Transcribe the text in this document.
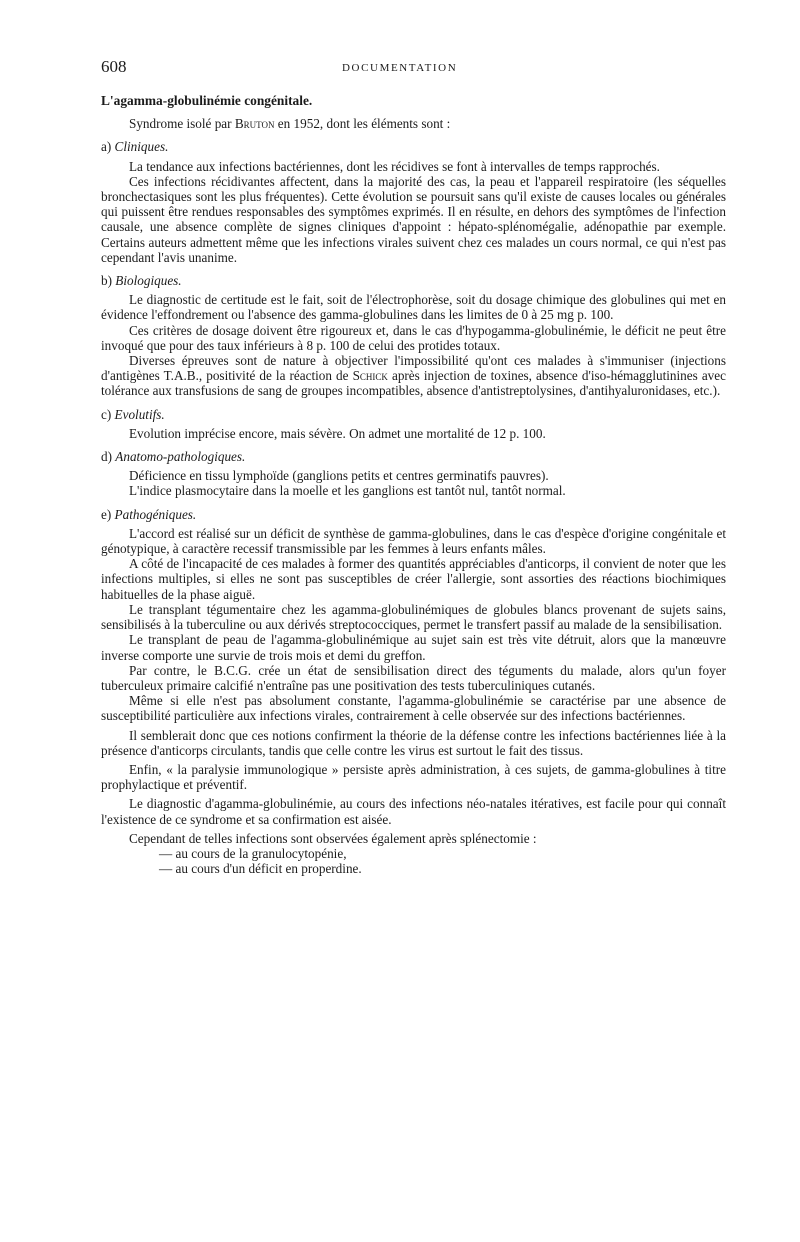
608	DOCUMENTATION
L'agamma-globulinémie congénitale.

Syndrome isolé par Bruton en 1952, dont les éléments sont :

a) Cliniques.

La tendance aux infections bactériennes, dont les récidives se font à intervalles de temps rapprochés.

Ces infections récidivantes affectent, dans la majorité des cas, la peau et l'appareil respiratoire (les séquelles bronchectasiques sont les plus fréquentes). Cette évolution se poursuit sans qu'il existe de causes locales ou générales qui puissent être rendues responsables des symptômes exprimés. Il en résulte, en dehors des symptômes de l'infection causale, une absence complète de signes cliniques d'appoint : hépato-splénomégalie, adénopathie par exemple. Certains auteurs admettent même que les infections virales suivent chez ces malades un cours normal, ce qui n'est pas cependant l'avis unanime.

b) Biologiques.

Le diagnostic de certitude est le fait, soit de l'électrophorèse, soit du dosage chimique des globulines qui met en évidence l'effondrement ou l'absence des gamma-globulines dans les limites de 0 à 25 mg p. 100.

Ces critères de dosage doivent être rigoureux et, dans le cas d'hypogamma-globulinémie, le déficit ne peut être invoqué que pour des taux inférieurs à 8 p. 100 de celui des protides totaux.

Diverses épreuves sont de nature à objectiver l'impossibilité qu'ont ces malades à s'immuniser (injections d'antigènes T.A.B., positivité de la réaction de Schick après injection de toxines, absence d'iso-hémagglutinines avec tolérance aux transfusions de sang de groupes incompatibles, absence d'antistreptolysines, d'antihyaluronidases, etc.).

c) Evolutifs.

Evolution imprécise encore, mais sévère. On admet une mortalité de 12 p. 100.

d) Anatomo-pathologiques.

Déficience en tissu lymphoïde (ganglions petits et centres germinatifs pauvres).

L'indice plasmocytaire dans la moelle et les ganglions est tantôt nul, tantôt normal.

e) Pathogéniques.

L'accord est réalisé sur un déficit de synthèse de gamma-globulines, dans le cas d'espèce d'origine congénitale et génotypique, à caractère recessif transmissible par les femmes à leurs enfants mâles.

A côté de l'incapacité de ces malades à former des quantités appréciables d'anticorps, il convient de noter que les infections multiples, si elles ne sont pas susceptibles de créer l'allergie, sont assorties des réactions biochimiques habituelles de la phase aiguë.

Le transplant tégumentaire chez les agamma-globulinémiques de globules blancs provenant de sujets sains, sensibilisés à la tuberculine ou aux dérivés streptococciques, permet le transfert passif au malade de la sensibilisation.

Le transplant de peau de l'agamma-globulinémique au sujet sain est très vite détruit, alors que la manœuvre inverse comporte une survie de trois mois et demi du greffon.

Par contre, le B.C.G. crée un état de sensibilisation direct des téguments du malade, alors qu'un foyer tuberculeux primaire calcifié n'entraîne pas une positivation des tests tuberculiniques cutanés.

Même si elle n'est pas absolument constante, l'agamma-globulinémie se caractérise par une absence de susceptibilité particulière aux infections virales, contrairement à celle observée sur des infections bactériennes.

Il semblerait donc que ces notions confirment la théorie de la défense contre les infections bactériennes liée à la présence d'anticorps circulants, tandis que celle contre les virus est surtout le fait des tissus.

Enfin, « la paralysie immunologique » persiste après administration, à ces sujets, de gamma-globulines à titre prophylactique et préventif.

Le diagnostic d'agamma-globulinémie, au cours des infections néo-natales itératives, est facile pour qui connaît l'existence de ce syndrome et sa confirmation est aisée.

Cependant de telles infections sont observées également après splénectomie :

— au cours de la granulocytopénie,

— au cours d'un déficit en properdine.
